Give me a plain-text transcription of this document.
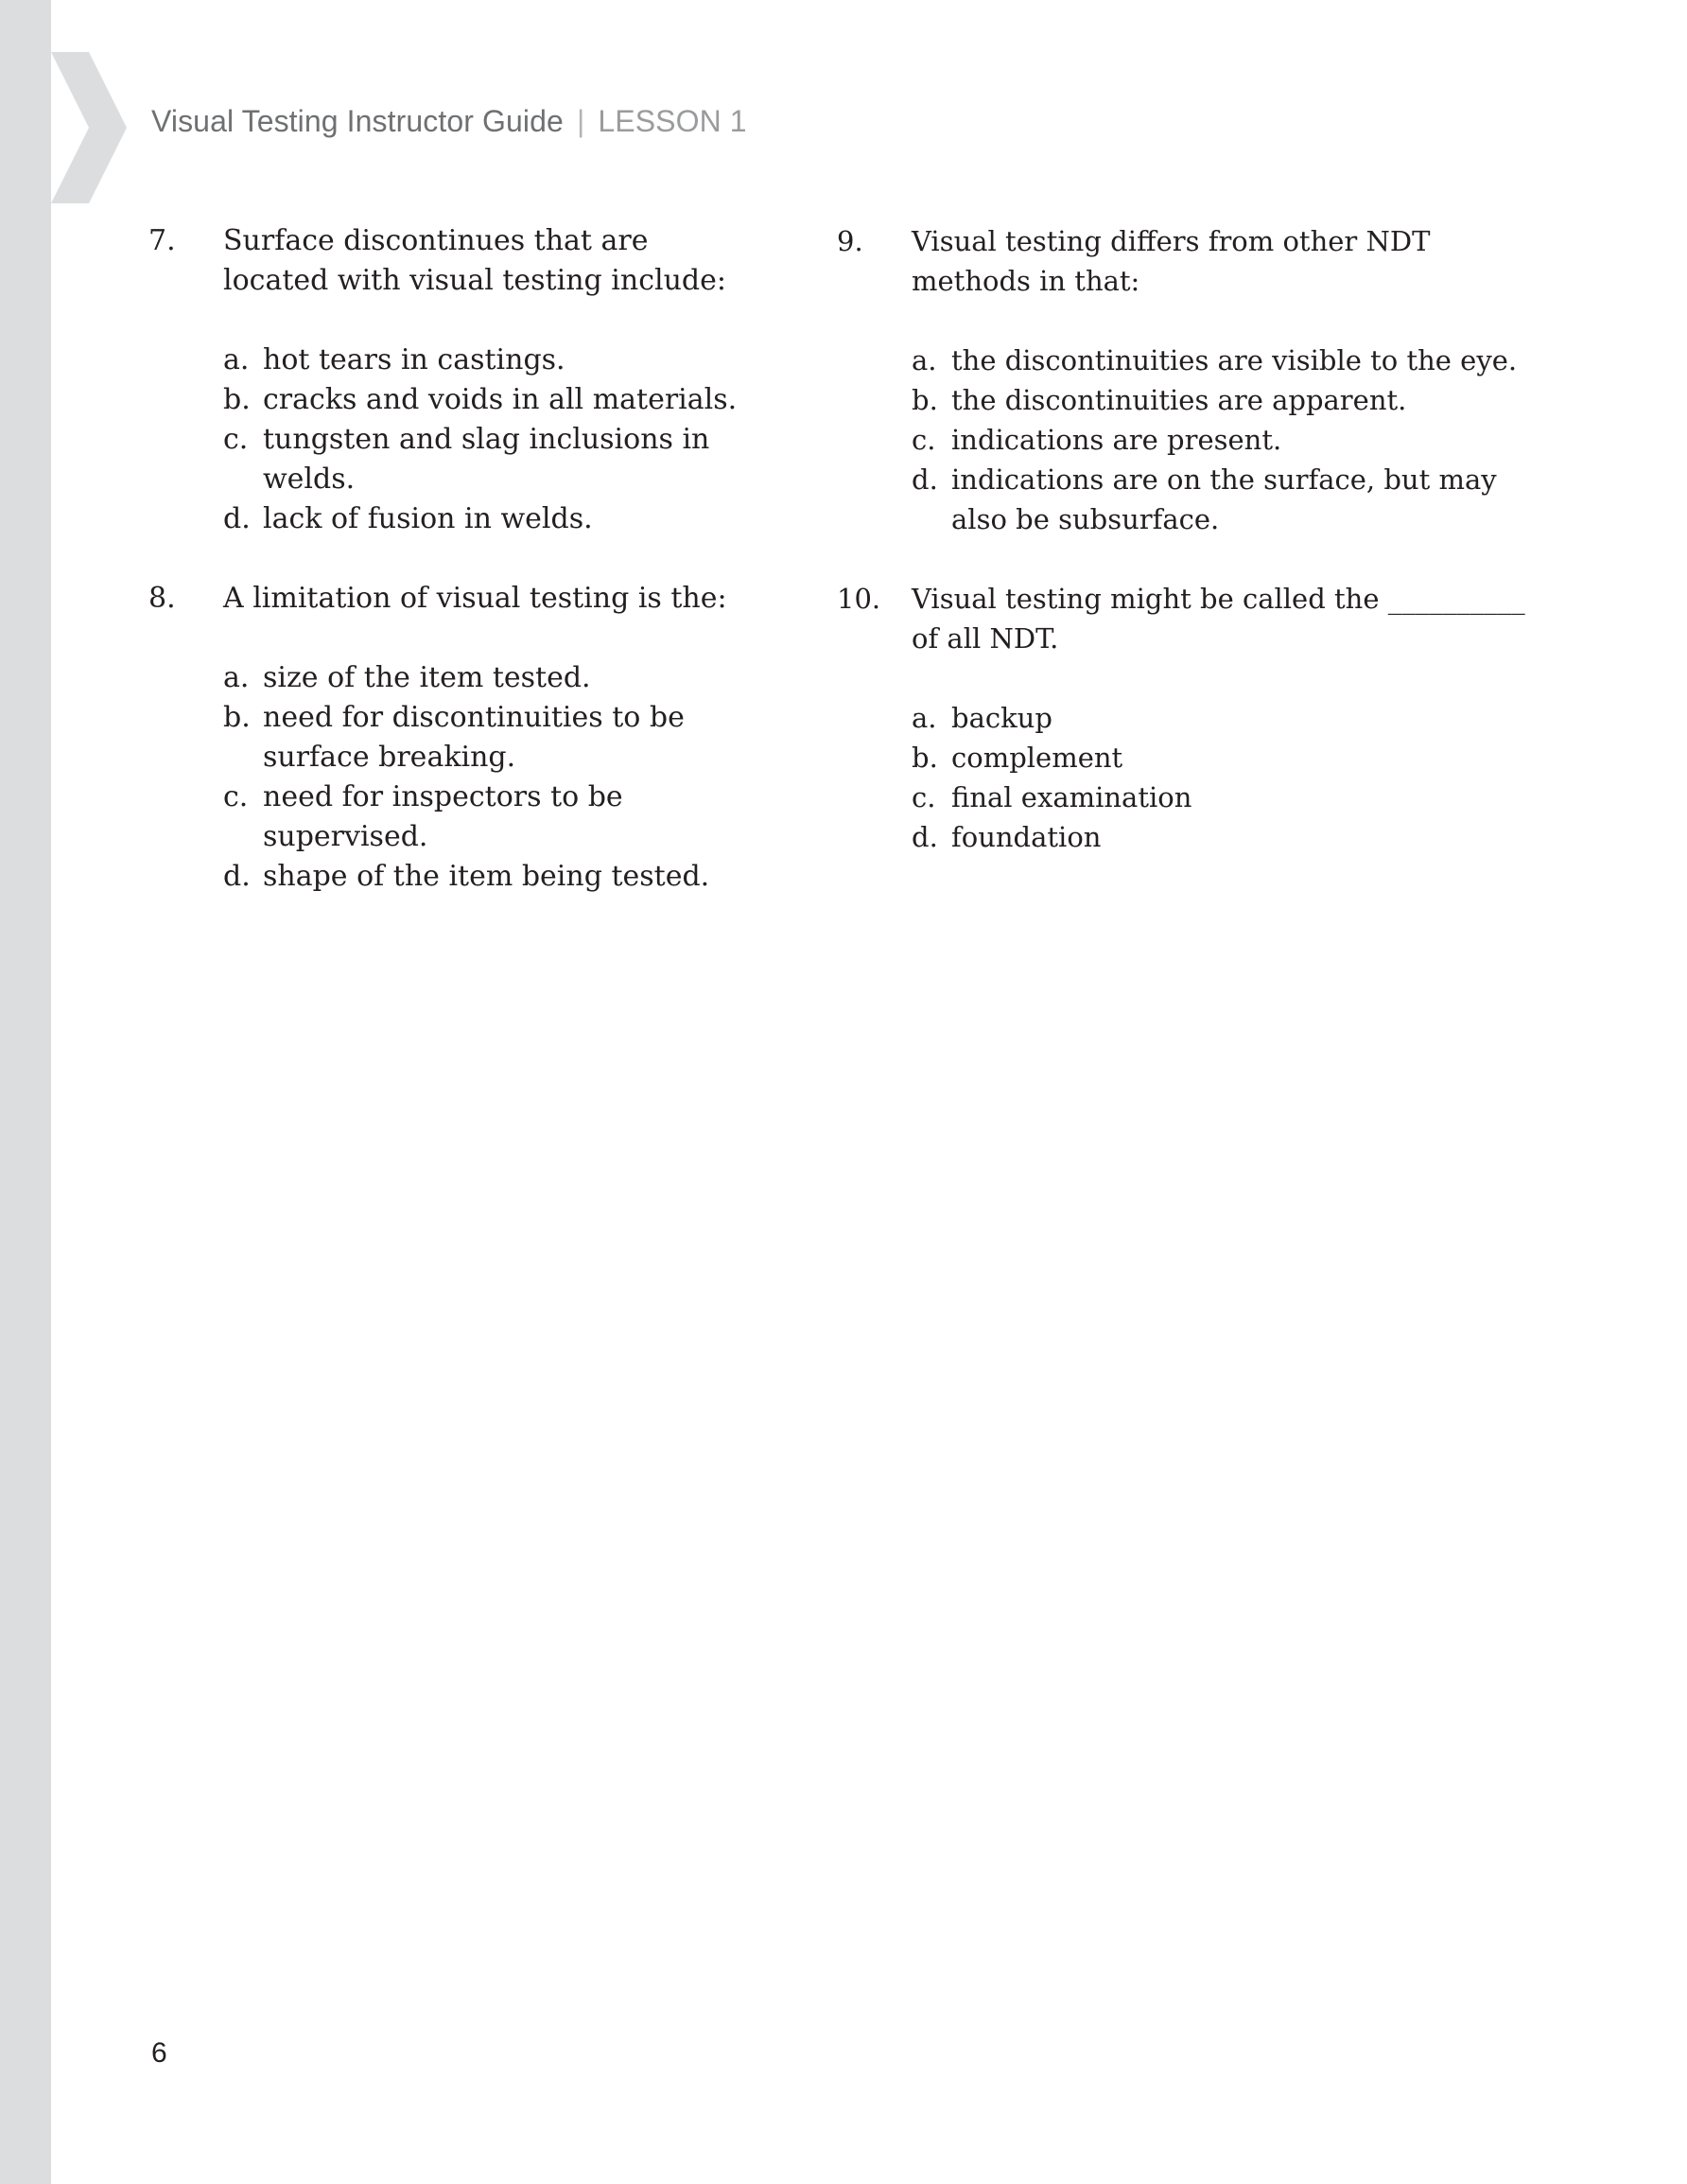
Visual Testing Instructor Guide | LESSON 1
7. Surface discontinues that are located with visual testing include:
a. hot tears in castings.
b. cracks and voids in all materials.
c. tungsten and slag inclusions in welds.
d. lack of fusion in welds.
8. A limitation of visual testing is the:
a. size of the item tested.
b. need for discontinuities to be surface breaking.
c. need for inspectors to be supervised.
d. shape of the item being tested.
9. Visual testing differs from other NDT methods in that:
a. the discontinuities are visible to the eye.
b. the discontinuities are apparent.
c. indications are present.
d. indications are on the surface, but may also be subsurface.
10. Visual testing might be called the __________ of all NDT.
a. backup
b. complement
c. final examination
d. foundation
6
